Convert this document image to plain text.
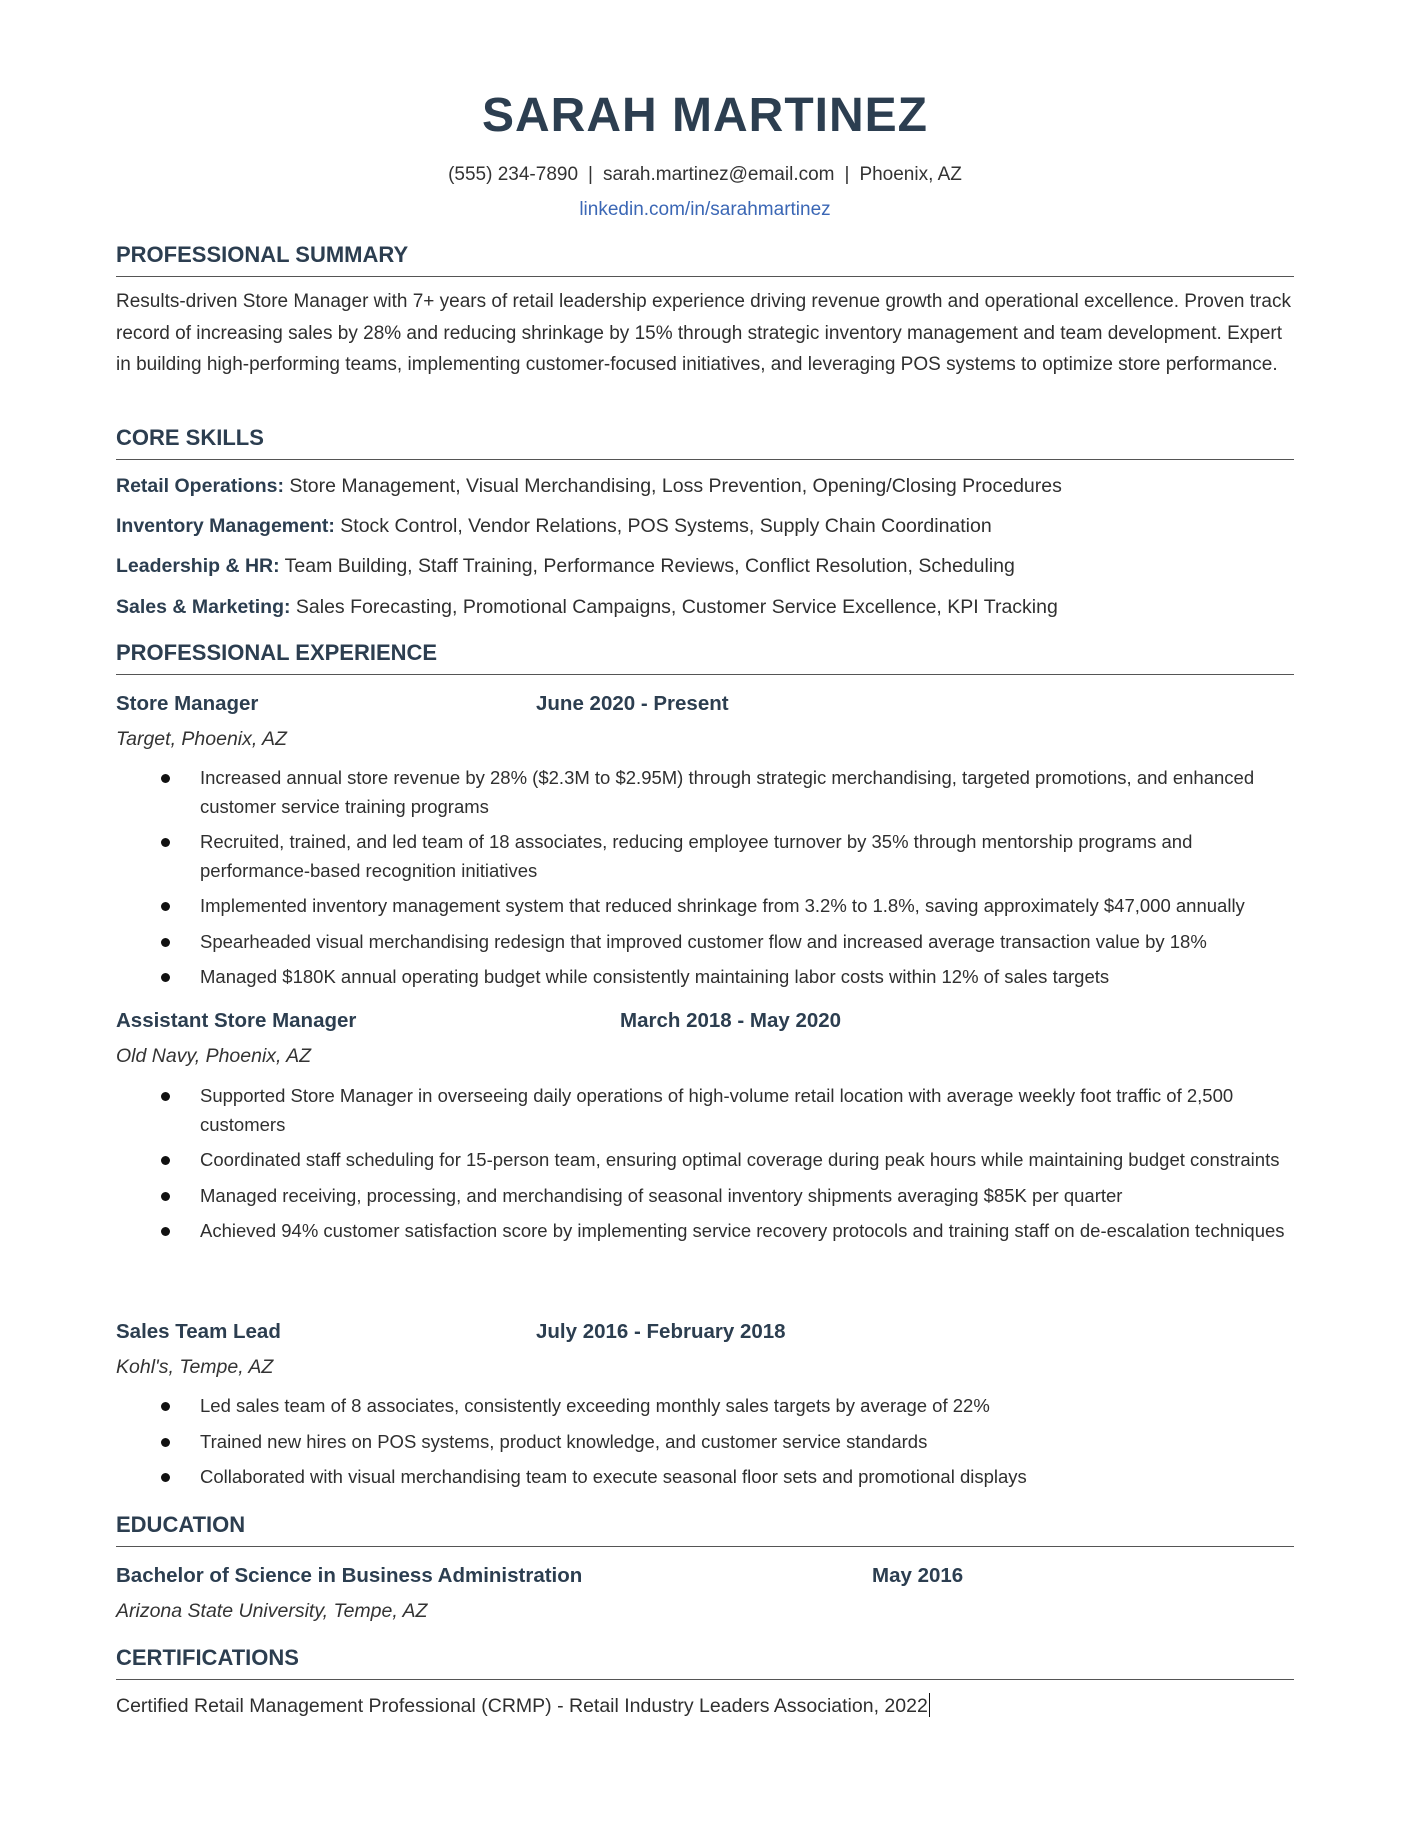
SARAH MARTINEZ
(555) 234-7890 | sarah.martinez@email.com | Phoenix, AZ
linkedin.com/in/sarahmartinez
PROFESSIONAL SUMMARY
Results-driven Store Manager with 7+ years of retail leadership experience driving revenue growth and operational excellence. Proven track record of increasing sales by 28% and reducing shrinkage by 15% through strategic inventory management and team development. Expert in building high-performing teams, implementing customer-focused initiatives, and leveraging POS systems to optimize store performance.
CORE SKILLS
Retail Operations: Store Management, Visual Merchandising, Loss Prevention, Opening/Closing Procedures
Inventory Management: Stock Control, Vendor Relations, POS Systems, Supply Chain Coordination
Leadership & HR: Team Building, Staff Training, Performance Reviews, Conflict Resolution, Scheduling
Sales & Marketing: Sales Forecasting, Promotional Campaigns, Customer Service Excellence, KPI Tracking
PROFESSIONAL EXPERIENCE
Store Manager	June 2020 - Present
Target, Phoenix, AZ
Increased annual store revenue by 28% ($2.3M to $2.95M) through strategic merchandising, targeted promotions, and enhanced customer service training programs
Recruited, trained, and led team of 18 associates, reducing employee turnover by 35% through mentorship programs and performance-based recognition initiatives
Implemented inventory management system that reduced shrinkage from 3.2% to 1.8%, saving approximately $47,000 annually
Spearheaded visual merchandising redesign that improved customer flow and increased average transaction value by 18%
Managed $180K annual operating budget while consistently maintaining labor costs within 12% of sales targets
Assistant Store Manager	March 2018 - May 2020
Old Navy, Phoenix, AZ
Supported Store Manager in overseeing daily operations of high-volume retail location with average weekly foot traffic of 2,500 customers
Coordinated staff scheduling for 15-person team, ensuring optimal coverage during peak hours while maintaining budget constraints
Managed receiving, processing, and merchandising of seasonal inventory shipments averaging $85K per quarter
Achieved 94% customer satisfaction score by implementing service recovery protocols and training staff on de-escalation techniques
Sales Team Lead	July 2016 - February 2018
Kohl's, Tempe, AZ
Led sales team of 8 associates, consistently exceeding monthly sales targets by average of 22%
Trained new hires on POS systems, product knowledge, and customer service standards
Collaborated with visual merchandising team to execute seasonal floor sets and promotional displays
EDUCATION
Bachelor of Science in Business Administration	May 2016
Arizona State University, Tempe, AZ
CERTIFICATIONS
Certified Retail Management Professional (CRMP) - Retail Industry Leaders Association, 2022
